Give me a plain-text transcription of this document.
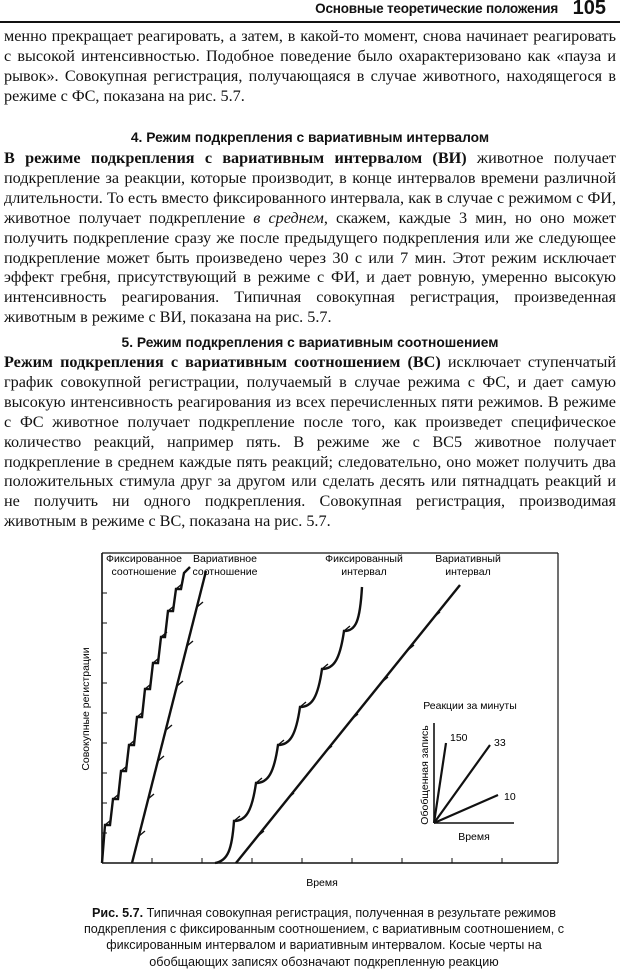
Основные теоретические положения 105

менно прекращает реагировать, а затем, в какой-то момент, снова начинает реагировать с высокой интенсивностью. Подобное поведение было охарактеризовано как «пауза и рывок». Совокупная регистрация, получающаяся в случае животного, находящегося в режиме с ФС, показана на рис. 5.7.

4. Режим подкрепления с вариативным интервалом

В режиме подкрепления с вариативным интервалом (ВИ) животное получает подкрепление за реакции, которые производит, в конце интервалов времени различной длительности. То есть вместо фиксированного интервала, как в случае с режимом с ФИ, животное получает подкрепление в среднем, скажем, каждые 3 мин, но оно может получить подкрепление сразу же после предыдущего подкрепления или же следующее подкрепление может быть произведено через 30 с или 7 мин. Этот режим исключает эффект гребня, присутствующий в режиме с ФИ, и дает ровную, умеренно высокую интенсивность реагирования. Типичная совокупная регистрация, произведенная животным в режиме с ВИ, показана на рис. 5.7.

5. Режим подкрепления с вариативным соотношением

Режим подкрепления с вариативным соотношением (ВС) исключает ступенчатый график совокупной регистрации, получаемый в случае режима с ФС, и дает самую высокую интенсивность реагирования из всех перечисленных пяти режимов. В режиме с ФС животное получает подкрепление после того, как произведет специфическое количество реакций, например пять. В режиме же с ВС5 животное получает подкрепление в среднем каждые пять реакций; следовательно, оно может получить два положительных стимула друг за другом или сделать десять или пятнадцать реакций и не получить ни одного подкрепления. Совокупная регистрация, производимая животным в режиме с ВС, показана на рис. 5.7.

Фиксированное
соотношение
Вариативное
соотношение
Фиксированный
интервал
Вариативный
интервал
Совокупные регистрации
Время
Реакции за минуты
150	33
10
Обобщенная запись
Время
Рис. 5.7. Типичная совокупная регистрация, полученная в результате режимов подкрепления с фиксированным соотношением, с вариативным соотношением, с фиксированным интервалом и вариативным интервалом. Косые черты на обобщающих записях обозначают подкрепленную реакцию
